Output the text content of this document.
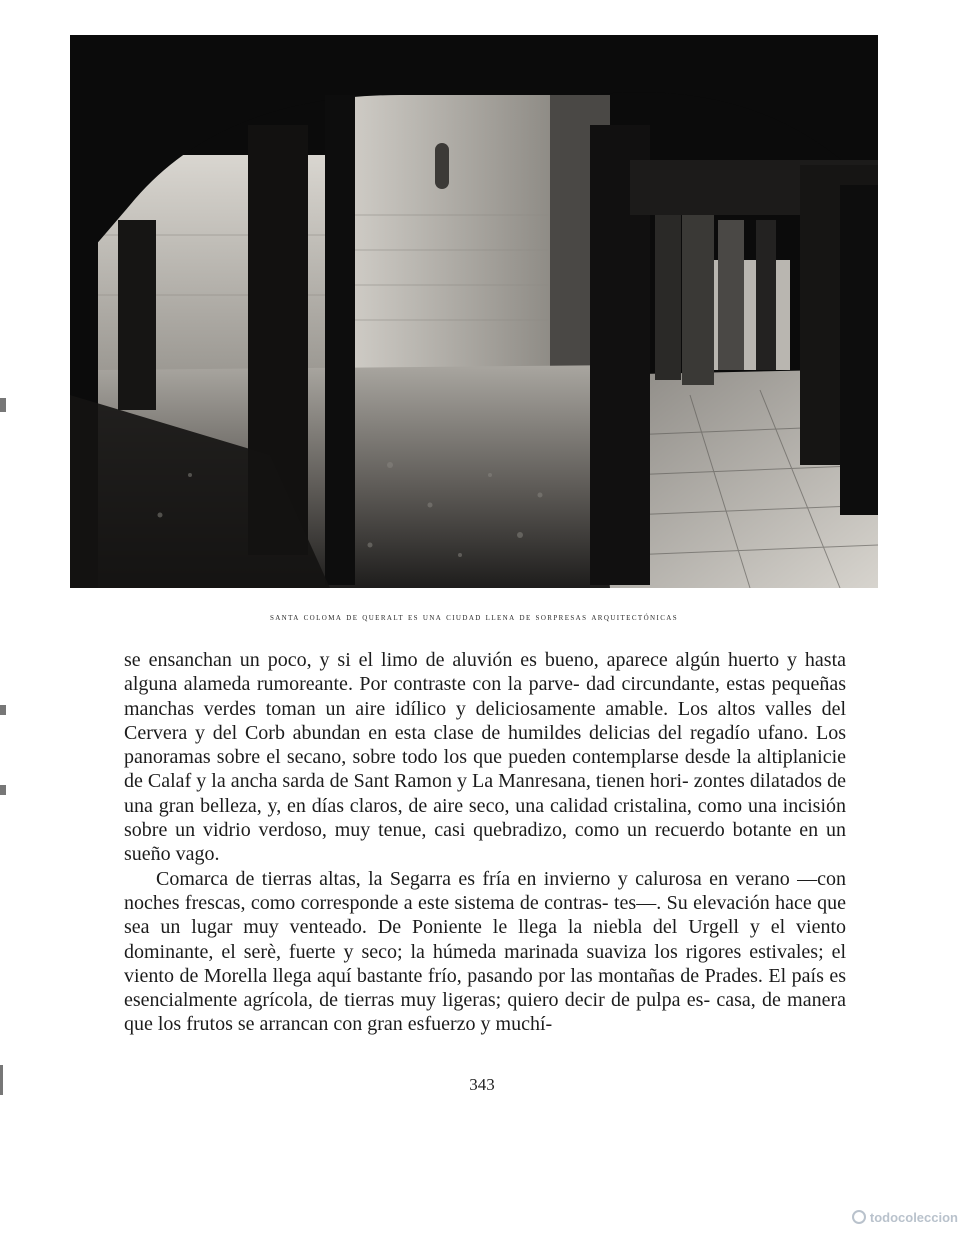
santa coloma de queralt es una ciudad llena de sorpresas arquitectónicas

se ensanchan un poco, y si el limo de aluvión es bueno, aparece algún huerto y hasta alguna alameda rumoreante. Por contraste con la parve- dad circundante, estas pequeñas manchas verdes toman un aire idílico y deliciosamente amable. Los altos valles del Cervera y del Corb abundan en esta clase de humildes delicias del regadío ufano. Los panoramas sobre el secano, sobre todo los que pueden contemplarse desde la altiplanicie de Calaf y la ancha sarda de Sant Ramon y La Manresana, tienen hori- zontes dilatados de una gran belleza, y, en días claros, de aire seco, una calidad cristalina, como una incisión sobre un vidrio verdoso, muy tenue, casi quebradizo, como un recuerdo botante en un sueño vago.

Comarca de tierras altas, la Segarra es fría en invierno y calurosa en verano —con noches frescas, como corresponde a este sistema de contras- tes—. Su elevación hace que sea un lugar muy venteado. De Poniente le llega la niebla del Urgell y el viento dominante, el serè, fuerte y seco; la húmeda marinada suaviza los rigores estivales; el viento de Morella llega aquí bastante frío, pasando por las montañas de Prades. El país es esencialmente agrícola, de tierras muy ligeras; quiero decir de pulpa es- casa, de manera que los frutos se arrancan con gran esfuerzo y muchí-

343
todocoleccion
